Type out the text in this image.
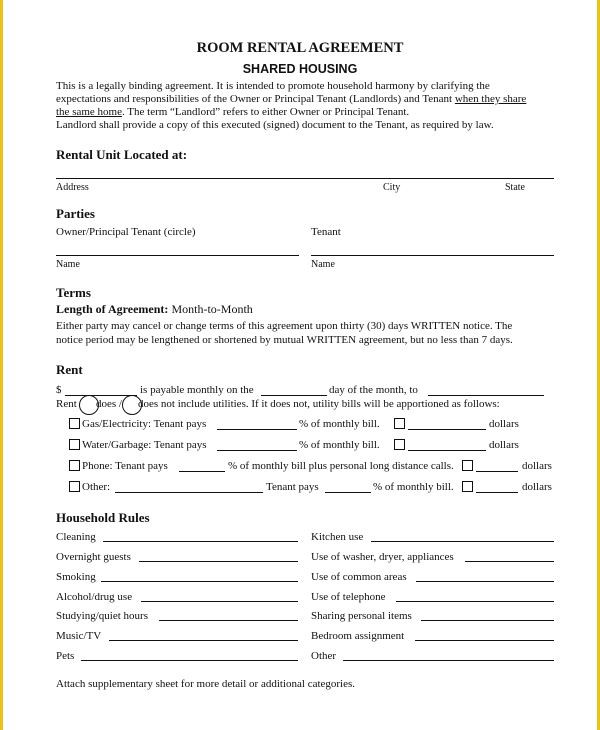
ROOM RENTAL AGREEMENT
SHARED HOUSING
This is a legally binding agreement. It is intended to promote household harmony by clarifying the
expectations and responsibilities of the Owner or Principal Tenant (Landlords) and Tenant when they share
the same home. The term “Landlord” refers to either Owner or Principal Tenant.
Landlord shall provide a copy of this executed (signed) document to the Tenant, as required by law.
Rental Unit Located at:
Address	City	State
Parties
Owner/Principal Tenant (circle)	Tenant
Name	Name
Terms
Length of Agreement: Month-to-Month
Either party may cancel or change terms of this agreement upon thirty (30) days WRITTEN notice. The
notice period may be lengthened or shortened by mutual WRITTEN agreement, but no less than 7 days.
Rent
$	is payable monthly on the	day of the month, to
Rent does / does not include utilities. If it does not, utility bills will be apportioned as follows:
Gas/Electricity: Tenant pays	% of monthly bill.	dollars
Water/Garbage: Tenant pays	% of monthly bill.	dollars
Phone: Tenant pays	% of monthly bill plus personal long distance calls.	dollars
Other:	Tenant pays	% of monthly bill.	dollars
Household Rules
Cleaning	Kitchen use
Overnight guests	Use of washer, dryer, appliances
Smoking	Use of common areas
Alcohol/drug use	Use of telephone
Studying/quiet hours	Sharing personal items
Music/TV	Bedroom assignment
Pets	Other
Attach supplementary sheet for more detail or additional categories.
